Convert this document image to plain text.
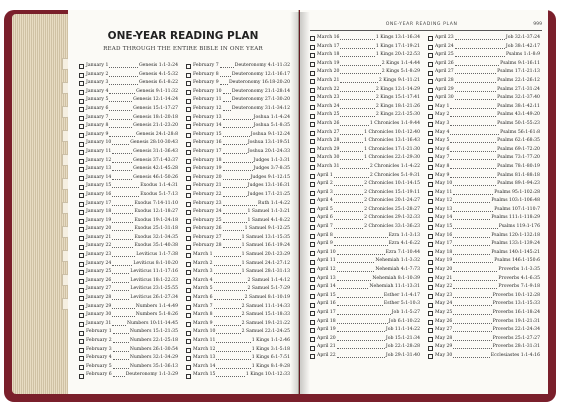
ONE-YEAR READING PLAN
READ THROUGH THE ENTIRE BIBLE IN ONE YEAR
January 1	Genesis 1:1-3:24
January 2	Genesis 4:1-5:32
January 3	Genesis 6:1-8:22
January 4	Genesis 9:1-11:32
January 5	Genesis 12:1-14:24
January 6	Genesis 15:1-17:27
January 7	Genesis 18:1-20:18
January 8	Genesis 21:1-23:20
January 9	Genesis 24:1-28:8
January 10	Genesis 28:10-30:43
January 11	Genesis 31:1-36:43
January 12	Genesis 37:1-43:37
January 13	Genesis 42:1-45:28
January 14	Genesis 46:1-50:26
January 15	Exodus 1:1-4:31
January 16	Exodus 5:1-7:13
January 17	Exodus 7:14-11:10
January 18	Exodus 12:1-18:27
January 19	Exodus 19:1-24:18
January 20	Exodus 25:1-31:18
January 21	Exodus 32:1-34:35
January 22	Exodus 35:1-40:38
January 23	Leviticus 1:1-7:38
January 24	Leviticus 8:1-10:20
January 25	Leviticus 11:1-17:16
January 26	Leviticus 18:1-22:33
January 27	Leviticus 23:1-25:55
January 28	Leviticus 26:1-27:34
January 29	Numbers 1:1-4:49
January 30	Numbers 5:1-8:26
January 31	Numbers 10:11-14:45
February 1	Numbers 15:1-21:35
February 2	Numbers 22:1-25:18
February 3	Numbers 26:1-30:54
February 4	Numbers 32:1-34:29
February 5	Numbers 35:1-36:13
February 6	Deuteronomy 1:1-3:29
February 7	Deuteronomy 4:1-11:32
February 8	Deuteronomy 12:1-16:17
February 9 Deuteronomy 16:18-20:20
February 10 Deuteronomy 21:1-28:14
February 11 Deuteronomy 27:1-30:20
February 12 Deuteronomy 31:1-34:12
February 13	Joshua 1:1-4:24
February 14	Joshua 5:1-8:35
February 15	Joshua 9:1-12:24
February 16	Joshua 13:1-19:51
February 17	Joshua 20:1-24:33
February 18	Judges 1:1-3:31
February 19	Judges 3:7-8:35
February 20	Judges 9:1-12:15
February 21	Judges 13:1-16:31
February 22	Judges 17:1-21:25
February 23	Ruth 1:1-4:22
February 24	1 Samuel 1:1-3:21
February 25	1 Samuel 4:1-8:22
February 26	1 Samuel 9:1-12:25
February 27	1 Samuel 13:1-15:35
February 28	1 Samuel 16:1-19:24
March 1	1 Samuel 20:1-23:29
March 2	1 Samuel 24:1-27:12
March 3	1 Samuel 28:1-31:13
March 4	2 Samuel 1:1-4:12
March 5	2 Samuel 5:1-7:29
March 6	2 Samuel 8:1-10:19
March 7	2 Samuel 11:1-14:33
March 8	2 Samuel 15:1-18:33
March 9	2 Samuel 19:1-21:22
March 10	2 Samuel 22:1-24:25
March 11	1 Kings 1:1-2:46
March 12	1 Kings 3:1-5:18
March 13	1 Kings 6:1-7:51
March 14	1 Kings 8:1-9:28
March 15	1 Kings 10:1-12:33
ONE-YEAR READING PLAN	999
March 16	1 Kings 13:1-16:34
March 17	1 Kings 17:1-19:21
March 18	1 Kings 20:1-22:53
March 19	2 Kings 1:1-4:44
March 20	2 Kings 5:1-8:29
March 21	2 Kings 9:1-11:21
March 22	2 Kings 12:1-14:29
March 23	2 Kings 15:1-17:41
March 24	2 Kings 18:1-21:26
March 25	2 Kings 22:1-25:30
March 26	1 Chronicles 1:1-9:44
March 27	1 Chronicles 10:1-12:40
March 28	1 Chronicles 13:1-16:43
March 29	1 Chronicles 17:1-21:30
March 30	1 Chronicles 22:1-29:30
March 31	2 Chronicles 1:1-4:22
April 1	2 Chronicles 5:1-9:31
April 2	2 Chronicles 10:1-14:15
April 3	2 Chronicles 15:1-19:11
April 4	2 Chronicles 20:1-24:27
April 5	2 Chronicles 25:1-28:27
April 6	2 Chronicles 29:1-32:33
April 7	2 Chronicles 33:1-36:23
April 8	Ezra 1:1-3:13
April 9	Ezra 4:1-6:22
April 10	Ezra 7:1-10:44
April 11	Nehemiah 1:1-3:32
April 12	Nehemiah 4:1-7:73
April 13	Nehemiah 8:1-10:39
April 14	Nehemiah 11:1-13:31
April 15	Esther 1:1-4:17
April 16	Esther 5:1-10:3
April 17	Job 1:1-5:27
April 18	Job 6:1-10:22
April 19	Job 11:1-14:22
April 20	Job 15:1-21:34
April 21	Job 22:1-28:28
April 22	Job 29:1-31:40
April 23	Job 32:1-37:24
April 24	Job 38:1-42:17
April 25	Psalms 1:1-8:9
April 26	Psalms 9:1-16:11
April 27	Psalms 17:1-21:13
April 28	Psalms 22:1-26:12
April 29	Psalms 27:1-31:24
April 30	Psalms 32:1-37:40
May 1	Psalms 38:1-42:11
May 2	Psalms 43:1-49:20
May 3	Psalms 50:1-55:23
May 4	Psalms 56:1-61:8
May 5	Psalms 62:1-68:35
May 6	Psalms 69:1-72:20
May 7	Psalms 73:1-77:20
May 8	Psalms 78:1-80:19
May 9	Psalms 81:1-88:18
May 10	Psalms 89:1-94:23
May 11	Psalms 95:1-102:28
May 12	Psalms 103:1-106:48
May 13	Psalms 107:1-110:7
May 14	Psalms 111:1-118:29
May 15	Psalms 119:1-176
May 16	Psalms 120:1-132:18
May 17	Psalms 133:1-139:24
May 18	Psalms 140:1-145:21
May 19	Psalms 146:1-150:6
May 20	Proverbs 1:1-3:35
May 21	Proverbs 4:1-6:35
May 22	Proverbs 7:1-9:18
May 23	Proverbs 10:1-12:28
May 24	Proverbs 13:1-15:33
May 25	Proverbs 16:1-18:24
May 26	Proverbs 19:1-21:31
May 27	Proverbs 22:1-24:34
May 28	Proverbs 25:1-27:27
May 29	Proverbs 28:1-31:31
May 30	Ecclesiastes 1:1-4:16
